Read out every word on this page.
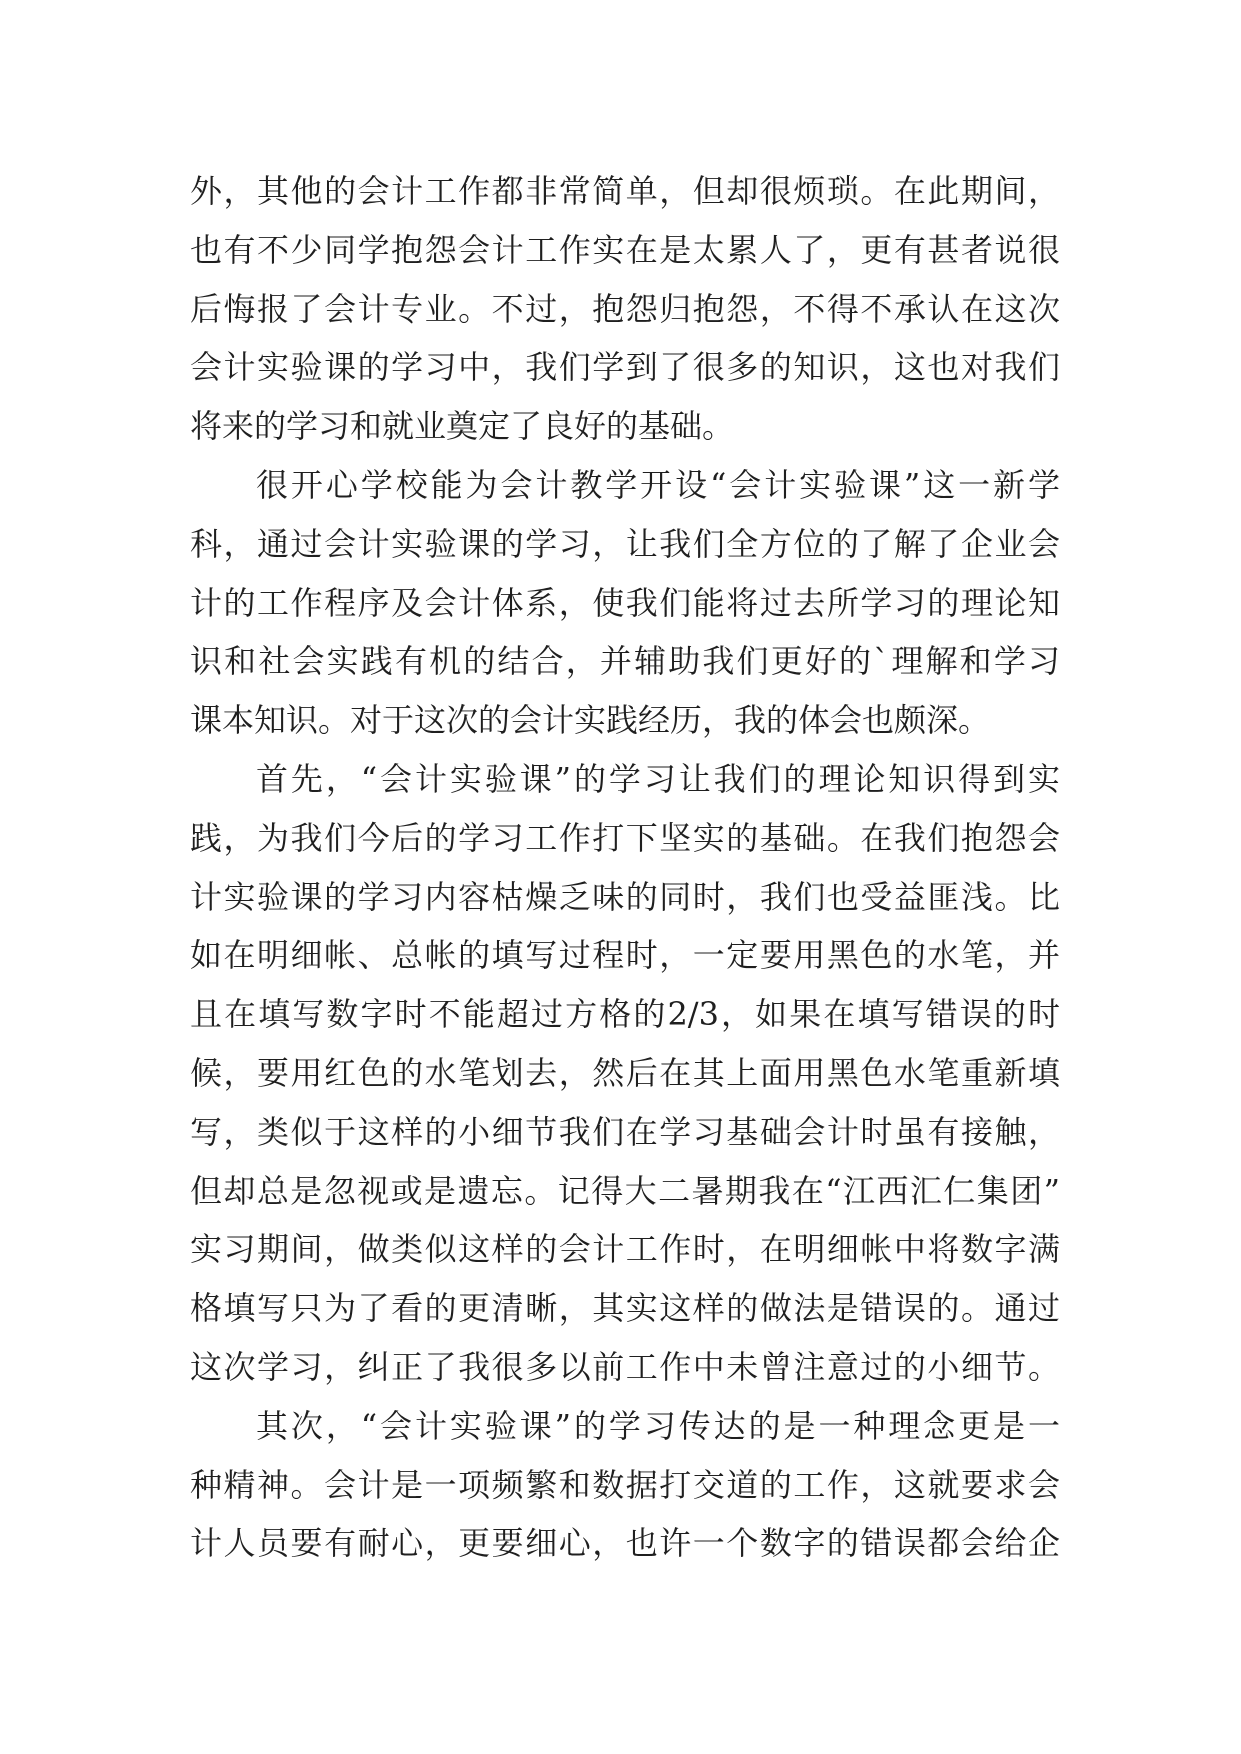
外，其他的会计工作都非常简单，但却很烦琐。在此期间，
也有不少同学抱怨会计工作实在是太累人了，更有甚者说很
后悔报了会计专业。不过，抱怨归抱怨，不得不承认在这次
会计实验课的学习中，我们学到了很多的知识，这也对我们
将来的学习和就业奠定了良好的基础。
很开心学校能为会计教学开设“会计实验课”这一新学
科，通过会计实验课的学习，让我们全方位的了解了企业会
计的工作程序及会计体系，使我们能将过去所学习的理论知
识和社会实践有机的结合，并辅助我们更好的`理解和学习
课本知识。对于这次的会计实践经历，我的体会也颇深。
首先，“会计实验课”的学习让我们的理论知识得到实
践，为我们今后的学习工作打下坚实的基础。在我们抱怨会
计实验课的学习内容枯燥乏味的同时，我们也受益匪浅。比
如在明细帐、总帐的填写过程时，一定要用黑色的水笔，并
且在填写数字时不能超过方格的2/3，如果在填写错误的时
候，要用红色的水笔划去，然后在其上面用黑色水笔重新填
写，类似于这样的小细节我们在学习基础会计时虽有接触，
但却总是忽视或是遗忘。记得大二暑期我在“江西汇仁集团”
实习期间，做类似这样的会计工作时，在明细帐中将数字满
格填写只为了看的更清晰，其实这样的做法是错误的。通过
这次学习，纠正了我很多以前工作中未曾注意过的小细节。
其次，“会计实验课”的学习传达的是一种理念更是一
种精神。会计是一项频繁和数据打交道的工作，这就要求会
计人员要有耐心，更要细心，也许一个数字的错误都会给企
